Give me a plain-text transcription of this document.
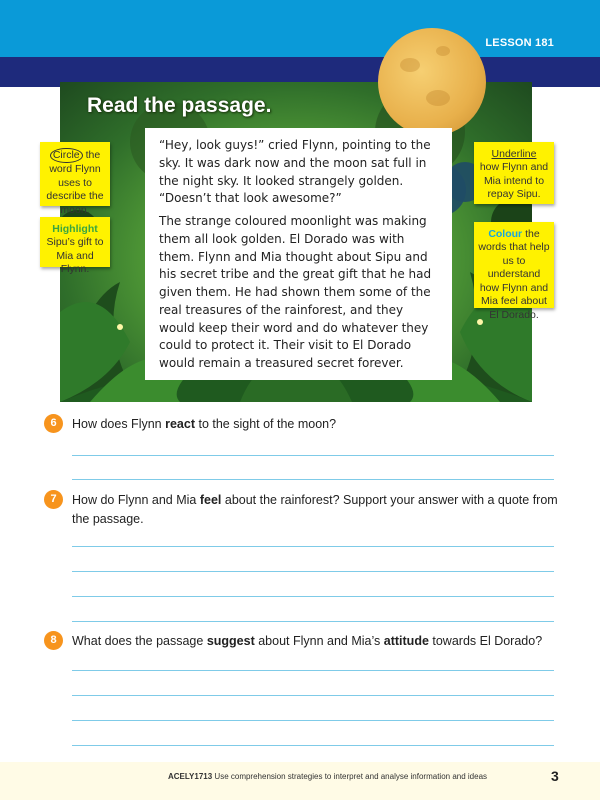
LESSON 181
Read the passage.
Circle the word Flynn uses to describe the moon.
Highlight Sipu’s gift to Mia and Flynn.
Underline
how Flynn and Mia intend to repay Sipu.
Colour the words that help us to understand how Flynn and Mia feel about El Dorado.

“Hey, look guys!” cried Flynn, pointing to the sky. It was dark now and the moon sat full in the night sky. It looked strangely golden. “Doesn’t that look awesome?”

The strange coloured moonlight was making them all look golden. El Dorado was with them. Flynn and Mia thought about Sipu and his secret tribe and the great gift that he had given them. He had shown them some of the real treasures of the rainforest, and they would keep their word and do whatever they could to protect it. Their visit to El Dorado would remain a treasured secret forever.

6	How does Flynn react to the sight of the moon?
7	How do Flynn and Mia feel about the rainforest? Support your answer with a quote from the passage.
8	What does the passage suggest about Flynn and Mia’s attitude towards El Dorado?
ACELY1713 Use comprehension strategies to interpret and analyse information and ideas	3
